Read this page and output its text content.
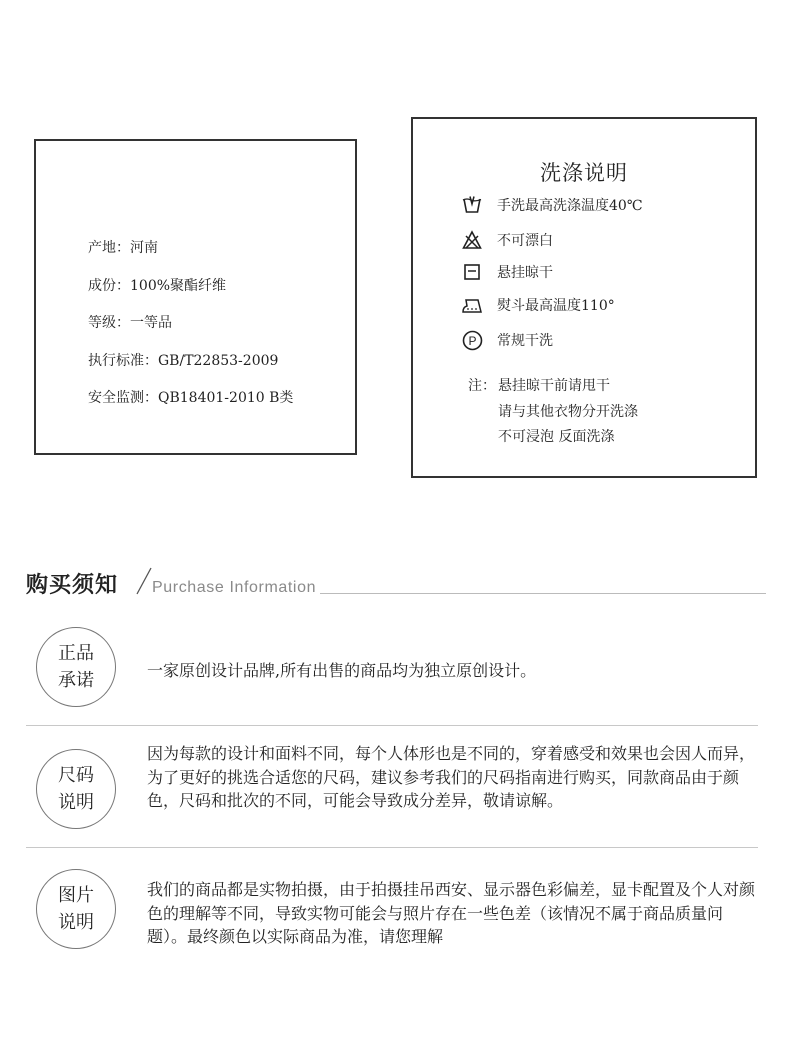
产地：河南
成份：100%聚酯纤维
等级：一等品
执行标准：GB/T22853-2009
安全监测：QB18401-2010 B类
洗涤说明
手洗最高洗涤温度40℃
不可漂白
悬挂晾干
熨斗最高温度110°
P 常规干洗
注： 悬挂晾干前请甩干
请与其他衣物分开洗涤
不可浸泡 反面洗涤
购买须知 Purchase Information
正品
承诺	一家原创设计品牌,所有出售的商品均为独立原创设计。
尺码
说明
因为每款的设计和面料不同，每个人体形也是不同的，穿着感受和效果也会因人而异，为了更好的挑选合适您的尺码，建议参考我们的尺码指南进行购买，同款商品由于颜色，尺码和批次的不同，可能会导致成分差异，敬请谅解。
图片
说明
我们的商品都是实物拍摄，由于拍摄挂吊西安、显示器色彩偏差，显卡配置及个人对颜色的理解等不同，导致实物可能会与照片存在一些色差（该情况不属于商品质量问题）。最终颜色以实际商品为准，请您理解
